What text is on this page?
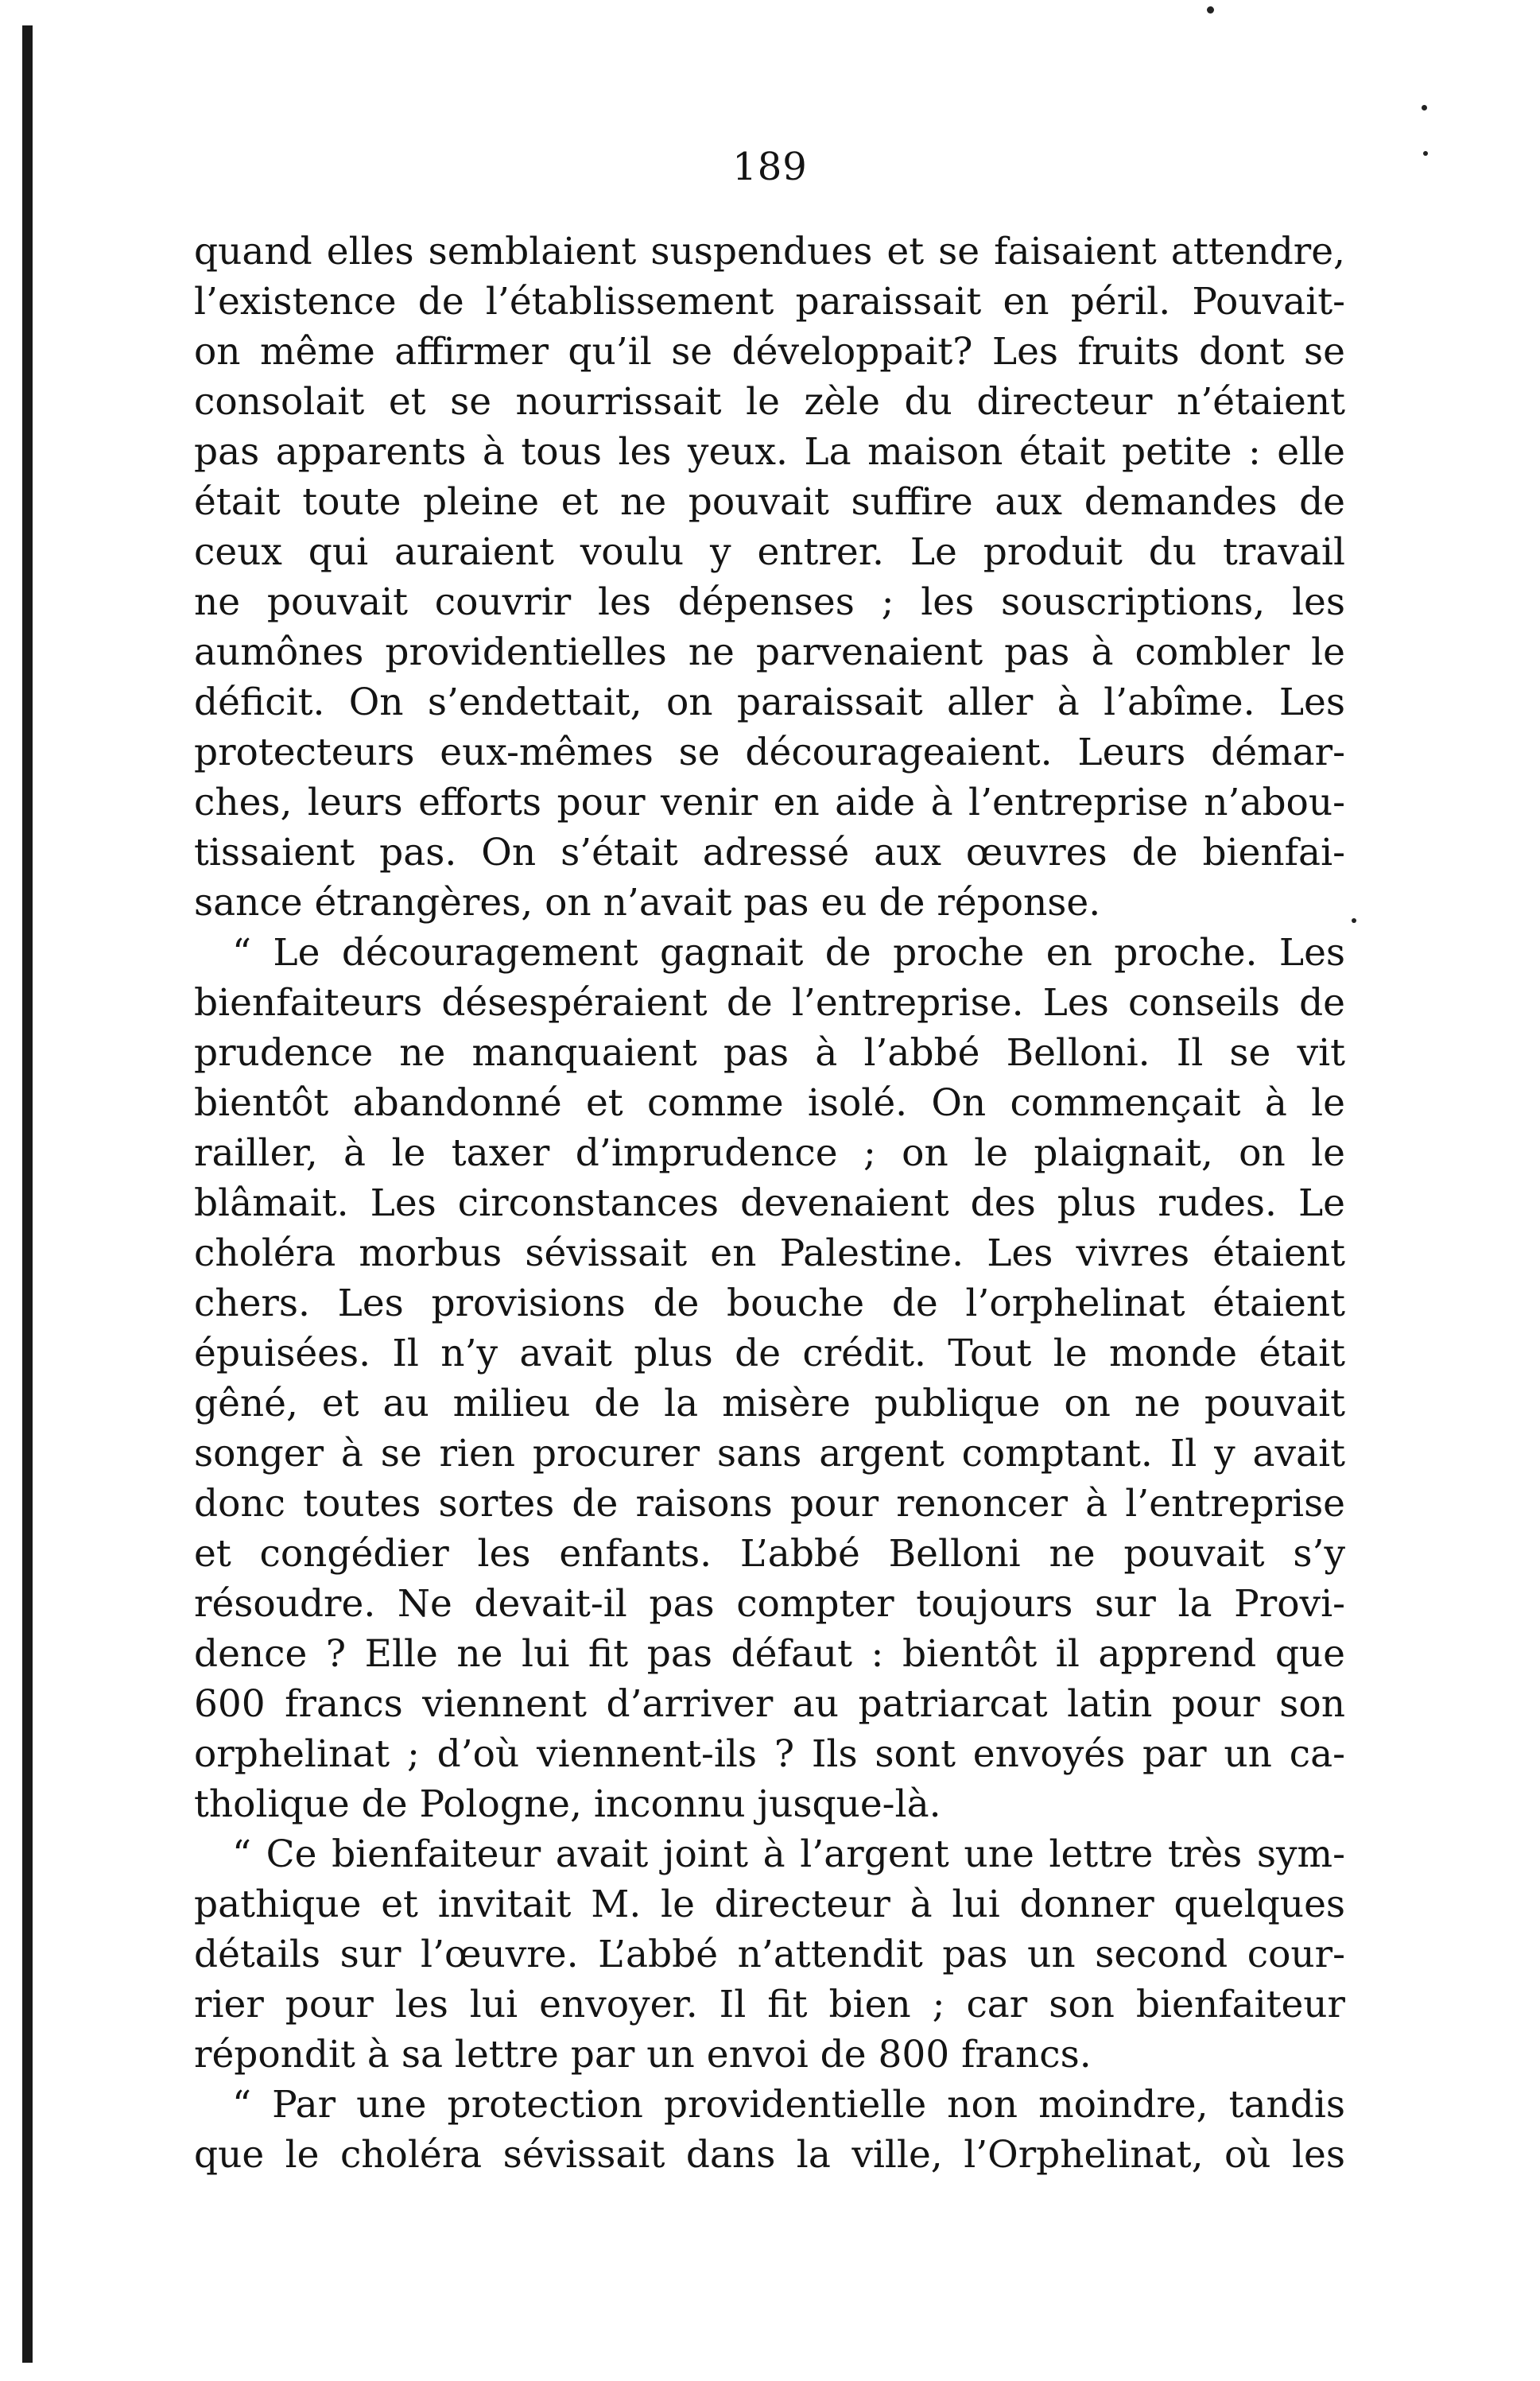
189
quand elles semblaient suspendues et se faisaient attendre,
l’existence de l’établissement paraissait en péril. Pouvait-
on même affirmer qu’il se développait? Les fruits dont se
consolait et se nourrissait le zèle du directeur n’étaient
pas apparents à tous les yeux. La maison était petite : elle
était toute pleine et ne pouvait suffire aux demandes de
ceux qui auraient voulu y entrer. Le produit du travail
ne pouvait couvrir les dépenses ; les souscriptions, les
aumônes providentielles ne parvenaient pas à combler le
déficit. On s’endettait, on paraissait aller à l’abîme. Les
protecteurs eux-mêmes se décourageaient. Leurs démar-
ches, leurs efforts pour venir en aide à l’entreprise n’abou-
tissaient pas. On s’était adressé aux œuvres de bienfai-
sance étrangères, on n’avait pas eu de réponse.
“ Le découragement gagnait de proche en proche. Les
bienfaiteurs désespéraient de l’entreprise. Les conseils de
prudence ne manquaient pas à l’abbé Belloni. Il se vit
bientôt abandonné et comme isolé. On commençait à le
railler, à le taxer d’imprudence ; on le plaignait, on le
blâmait. Les circonstances devenaient des plus rudes. Le
choléra morbus sévissait en Palestine. Les vivres étaient
chers. Les provisions de bouche de l’orphelinat étaient
épuisées. Il n’y avait plus de crédit. Tout le monde était
gêné, et au milieu de la misère publique on ne pouvait
songer à se rien procurer sans argent comptant. Il y avait
donc toutes sortes de raisons pour renoncer à l’entreprise
et congédier les enfants. L’abbé Belloni ne pouvait s’y
résoudre. Ne devait-il pas compter toujours sur la Provi-
dence ? Elle ne lui fit pas défaut : bientôt il apprend que
600 francs viennent d’arriver au patriarcat latin pour son
orphelinat ; d’où viennent-ils ? Ils sont envoyés par un ca-
tholique de Pologne, inconnu jusque-là.
“ Ce bienfaiteur avait joint à l’argent une lettre très sym-
pathique et invitait M. le directeur à lui donner quelques
détails sur l’œuvre. L’abbé n’attendit pas un second cour-
rier pour les lui envoyer. Il fit bien ; car son bienfaiteur
répondit à sa lettre par un envoi de 800 francs.
“ Par une protection providentielle non moindre, tandis
que le choléra sévissait dans la ville, l’Orphelinat, où les
